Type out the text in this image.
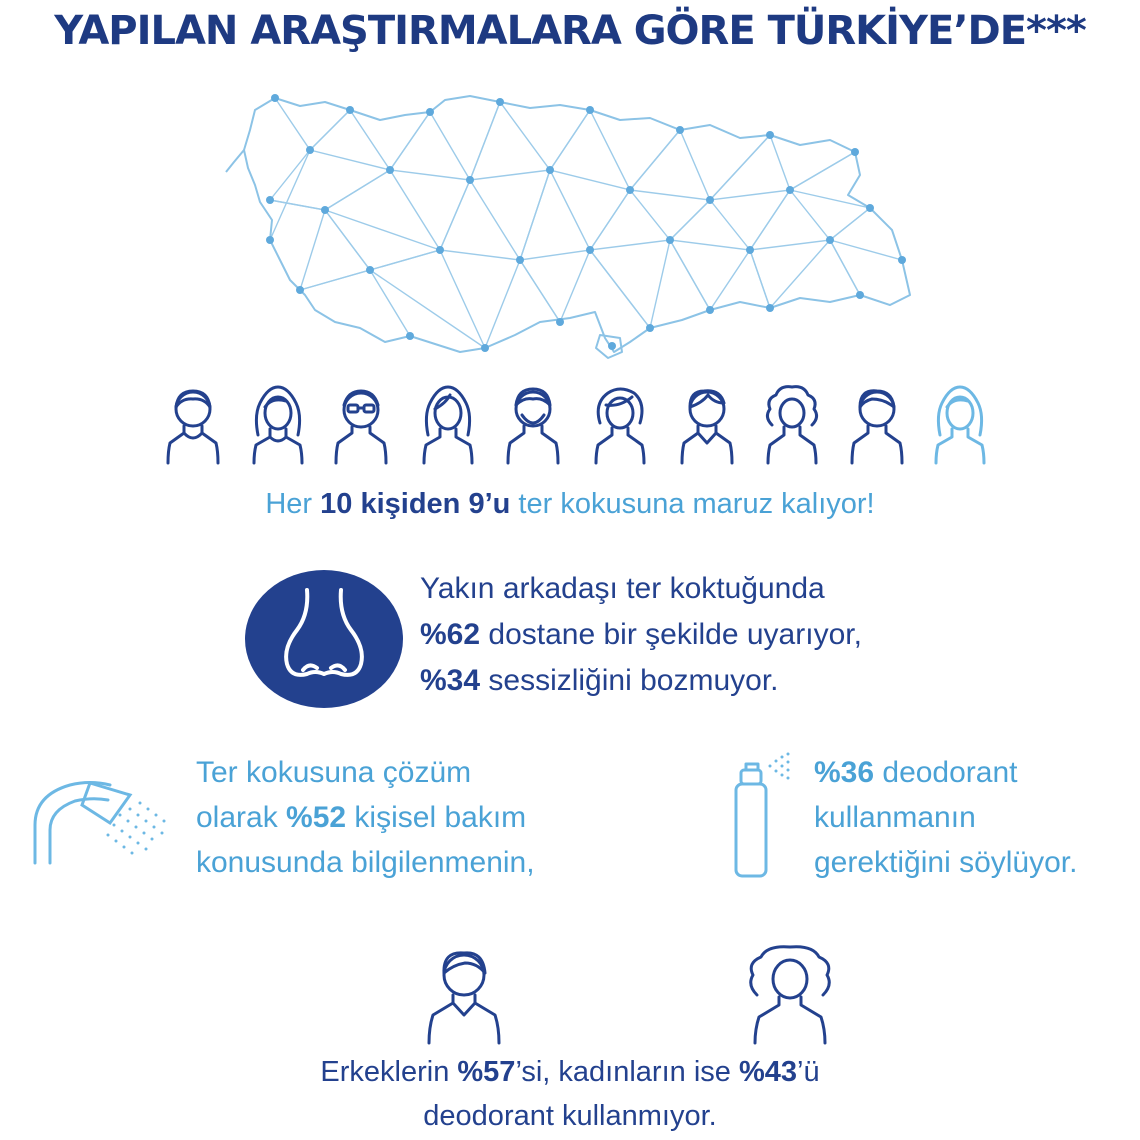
YAPILAN ARAŞTIRMALARA GÖRE TÜRKİYE’DE***
Her 10 kişiden 9’u ter kokusuna maruz kalıyor!
Yakın arkadaşı ter koktuğunda
%62 dostane bir şekilde uyarıyor,
%34 sessizliğini bozmuyor.
Ter kokusuna çözüm
olarak %52 kişisel bakım
konusunda bilgilenmenin,
%36 deodorant
kullanmanın
gerektiğini söylüyor.
Erkeklerin %57’si, kadınların ise %43’ü
deodorant kullanmıyor.
